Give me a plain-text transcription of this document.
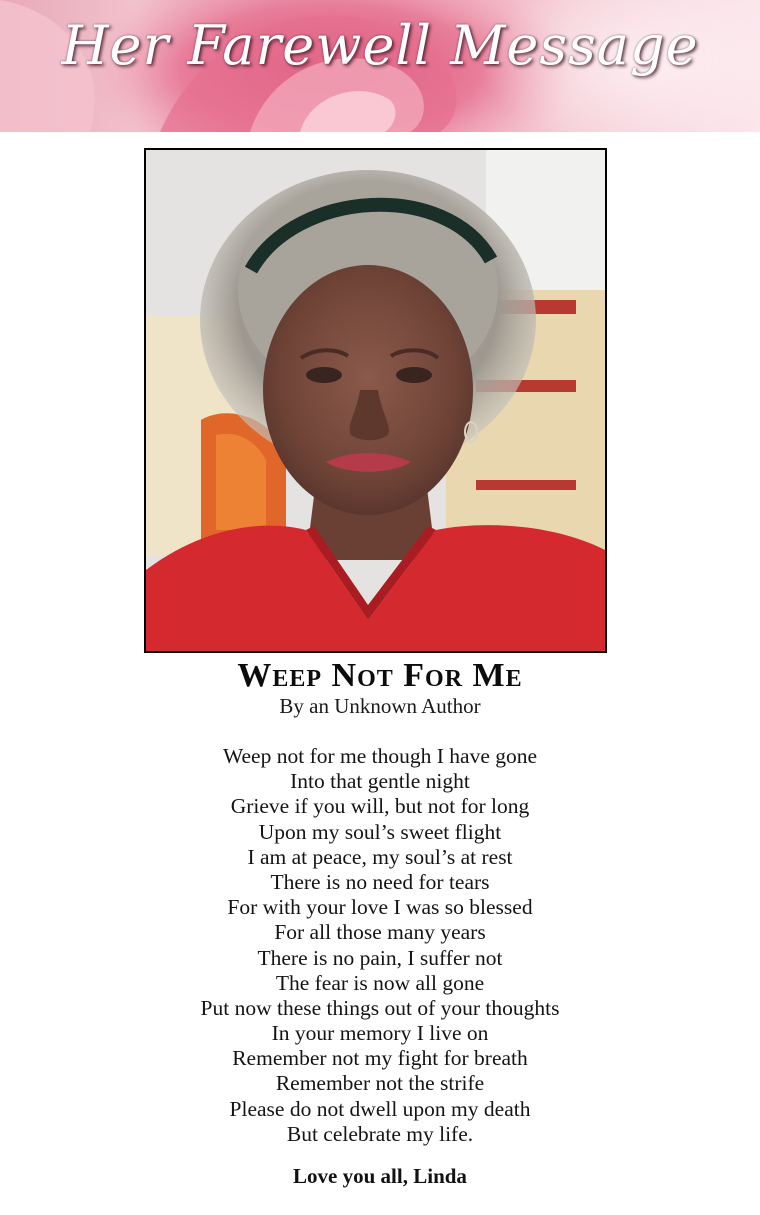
Her Farewell Message
Weep Not For Me
By an Unknown Author
Weep not for me though I have gone
Into that gentle night
Grieve if you will, but not for long
Upon my soul’s sweet flight
I am at peace, my soul’s at rest
There is no need for tears
For with your love I was so blessed
For all those many years
There is no pain, I suffer not
The fear is now all gone
Put now these things out of your thoughts
In your memory I live on
Remember not my fight for breath
Remember not the strife
Please do not dwell upon my death
But celebrate my life.
Love you all, Linda
